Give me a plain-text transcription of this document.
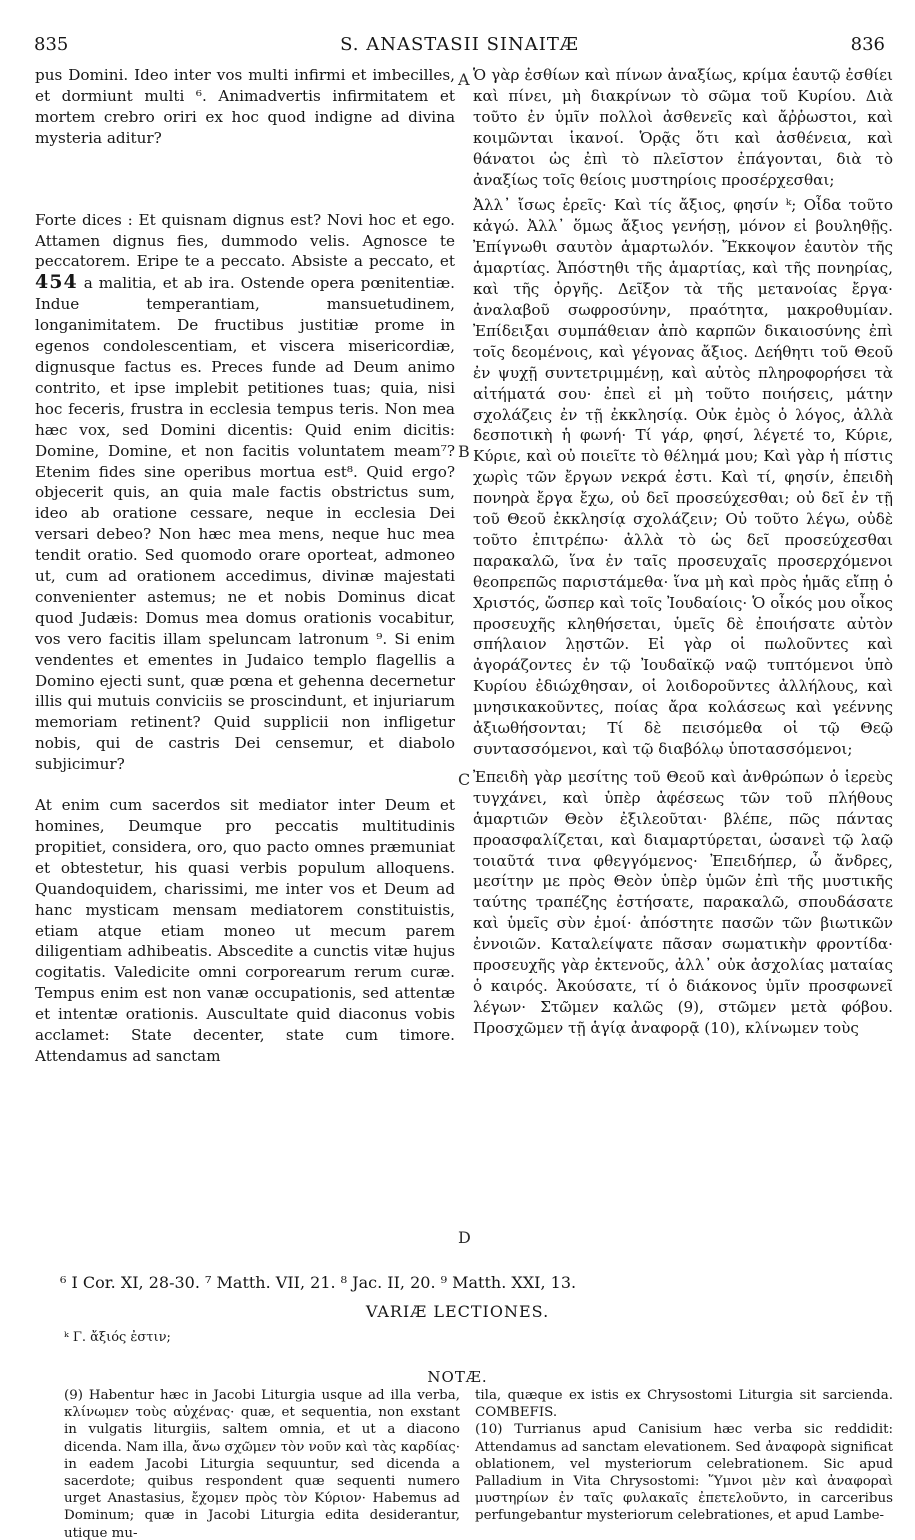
835	S. ANASTASII SINAITÆ	836

pus Domini. Ideo inter vos multi infirmi et imbecilles, et dormiunt multi ⁶. Animadvertis infirmitatem et mortem crebro oriri ex hoc quod indigne ad divina mysteria aditur?

Forte dices : Et quisnam dignus est? Novi hoc et ego. Attamen dignus fies, dummodo velis. Agnosce te peccatorem. Eripe te a peccato. Absiste a peccato, et 454 a malitia, et ab ira. Ostende opera pœnitentiæ. Indue temperantiam, mansuetudinem, longanimitatem. De fructibus justitiæ prome in egenos condolescentiam, et viscera misericordiæ, dignusque factus es. Preces funde ad Deum animo contrito, et ipse implebit petitiones tuas; quia, nisi hoc feceris, frustra in ecclesia tempus teris. Non mea hæc vox, sed Domini dicentis: Quid enim dicitis: Domine, Domine, et non facitis voluntatem meam⁷? Etenim fides sine operibus mortua est⁸. Quid ergo? objecerit quis, an quia male factis obstrictus sum, ideo ab oratione cessare, neque in ecclesia Dei versari debeo? Non hæc mea mens, neque huc mea tendit oratio. Sed quomodo orare oporteat, admoneo ut, cum ad orationem accedimus, divinæ majestati convenienter astemus; ne et nobis Dominus dicat quod Judæis: Domus mea domus orationis vocabitur, vos vero facitis illam speluncam latronum ⁹. Si enim vendentes et ementes in Judaico templo flagellis a Domino ejecti sunt, quæ pœna et gehenna decernetur illis qui mutuis conviciis se proscindunt, et injuriarum memoriam retinent? Quid supplicii non infligetur nobis, qui de castris Dei censemur, et diabolo subjicimur?

At enim cum sacerdos sit mediator inter Deum et homines, Deumque pro peccatis multitudinis propitiet, considera, oro, quo pacto omnes præmuniat et obtestetur, his quasi verbis populum alloquens. Quandoquidem, charissimi, me inter vos et Deum ad hanc mysticam mensam mediatorem constituistis, etiam atque etiam moneo ut mecum parem diligentiam adhibeatis. Abscedite a cunctis vitæ hujus cogitatis. Valedicite omni corporearum rerum curæ. Tempus enim est non vanæ occupationis, sed attentæ et intentæ orationis. Auscultate quid diaconus vobis acclamet: State decenter, state cum timore. Attendamus ad sanctam

Ὁ γὰρ ἐσθίων καὶ πίνων ἀναξίως, κρίμα ἑαυτῷ ἐσθίει καὶ πίνει, μὴ διακρίνων τὸ σῶμα τοῦ Κυρίου. Διὰ τοῦτο ἐν ὑμῖν πολλοὶ ἀσθενεῖς καὶ ἄῤῥωστοι, καὶ κοιμῶνται ἱκανοί. Ὁρᾷς ὅτι καὶ ἀσθένεια, καὶ θάνατοι ὡς ἐπὶ τὸ πλεῖστον ἐπάγονται, διὰ τὸ ἀναξίως τοῖς θείοις μυστηρίοις προσέρχεσθαι;

Ἀλλ᾽ ἴσως ἐρεῖς· Καὶ τίς ἄξιος, φησίν ᵏ; Οἶδα τοῦτο κἀγώ. Ἀλλ᾽ ὅμως ἄξιος γενήσῃ, μόνον εἰ βουληθῇς. Ἐπίγνωθι σαυτὸν ἁμαρτωλόν. Ἔκκοψον ἑαυτὸν τῆς ἁμαρτίας. Ἀπόστηθι τῆς ἁμαρτίας, καὶ τῆς πονηρίας, καὶ τῆς ὀργῆς. Δεῖξον τὰ τῆς μετανοίας ἔργα· ἀναλαβοῦ σωφροσύνην, πραότητα, μακροθυμίαν. Ἐπίδειξαι συμπάθειαν ἀπὸ καρπῶν δικαιοσύνης ἐπὶ τοῖς δεομένοις, καὶ γέγονας ἄξιος. Δεήθητι τοῦ Θεοῦ ἐν ψυχῇ συντετριμμένῃ, καὶ αὐτὸς πληροφορήσει τὰ αἰτήματά σου· ἐπεὶ εἰ μὴ τοῦτο ποιήσεις, μάτην σχολάζεις ἐν τῇ ἐκκλησίᾳ. Οὐκ ἐμὸς ὁ λόγος, ἀλλὰ δεσποτικὴ ἡ φωνή· Τί γάρ, φησί, λέγετέ το, Κύριε, Κύριε, καὶ οὐ ποιεῖτε τὸ θέλημά μου; Καὶ γὰρ ἡ πίστις χωρὶς τῶν ἔργων νεκρά ἐστι. Καὶ τί, φησίν, ἐπειδὴ πονηρὰ ἔργα ἔχω, οὐ δεῖ προσεύχεσθαι; οὐ δεῖ ἐν τῇ τοῦ Θεοῦ ἐκκλησίᾳ σχολάζειν; Οὐ τοῦτο λέγω, οὐδὲ τοῦτο ἐπιτρέπω· ἀλλὰ τὸ ὡς δεῖ προσεύχεσθαι παρακαλῶ, ἵνα ἐν ταῖς προσευχαῖς προσερχόμενοι θεοπρεπῶς παριστάμεθα· ἵνα μὴ καὶ πρὸς ἡμᾶς εἴπῃ ὁ Χριστός, ὥσπερ καὶ τοῖς Ἰουδαίοις· Ὁ οἶκός μου οἶκος προσευχῆς κληθήσεται, ὑμεῖς δὲ ἐποιήσατε αὐτὸν σπήλαιον λῃστῶν. Εἰ γὰρ οἱ πωλοῦντες καὶ ἀγοράζοντες ἐν τῷ Ἰουδαϊκῷ ναῷ τυπτόμενοι ὑπὸ Κυρίου ἐδιώχθησαν, οἱ λοιδοροῦντες ἀλλήλους, καὶ μνησικακοῦντες, ποίας ἄρα κολάσεως καὶ γεέννης ἀξιωθήσονται; Τί δὲ πεισόμεθα οἱ τῷ Θεῷ συντασσόμενοι, καὶ τῷ διαβόλῳ ὑποτασσόμενοι;

Ἐπειδὴ γὰρ μεσίτης τοῦ Θεοῦ καὶ ἀνθρώπων ὁ ἱερεὺς τυγχάνει, καὶ ὑπὲρ ἀφέσεως τῶν τοῦ πλήθους ἁμαρτιῶν Θεὸν ἐξιλεοῦται· βλέπε, πῶς πάντας προασφαλίζεται, καὶ διαμαρτύρεται, ὡσανεὶ τῷ λαῷ τοιαῦτά τινα φθεγγόμενος· Ἐπειδήπερ, ὦ ἄνδρες, μεσίτην με πρὸς Θεὸν ὑπὲρ ὑμῶν ἐπὶ τῆς μυστικῆς ταύτης τραπέζης ἐστήσατε, παρακαλῶ, σπουδάσατε καὶ ὑμεῖς σὺν ἐμοί· ἀπόστητε πασῶν τῶν βιωτικῶν ἐννοιῶν. Καταλείψατε πᾶσαν σωματικὴν φροντίδα· προσευχῆς γὰρ ἐκτενοῦς, ἀλλ᾽ οὐκ ἀσχολίας ματαίας ὁ καιρός. Ἀκούσατε, τί ὁ διάκονος ὑμῖν προσφωνεῖ λέγων· Στῶμεν καλῶς (9), στῶμεν μετὰ φόβου. Προσχῶμεν τῇ ἁγίᾳ ἀναφορᾷ (10), κλίνωμεν τοὺς

A
B
C
D
⁶ I Cor. XI, 28-30. ⁷ Matth. VII, 21. ⁸ Jac. II, 20. ⁹ Matth. XXI, 13.
VARIÆ LECTIONES.
ᵏ Γ. ἄξιός ἐστιν;
NOTÆ.
(9) Habentur hæc in Jacobi Liturgia usque ad illa verba, κλίνωμεν τοὺς αὐχένας· quæ, et sequentia, non exstant in vulgatis liturgiis, saltem omnia, et ut a diacono dicenda. Nam illa, ἄνω σχῶμεν τὸν νοῦν καὶ τὰς καρδίας· in eadem Jacobi Liturgia sequuntur, sed dicenda a sacerdote; quibus respondent quæ sequenti numero urget Anastasius, ἔχομεν πρὸς τὸν Κύριον· Habemus ad Dominum; quæ in Jacobi Liturgia edita desiderantur, utique mu-
tila, quæque ex istis ex Chrysostomi Liturgia sit sarcienda. COMBEFIS.
(10) Turrianus apud Canisium hæc verba sic reddidit: Attendamus ad sanctam elevationem. Sed ἀναφορὰ significat oblationem, vel mysteriorum celebrationem. Sic apud Palladium in Vita Chrysostomi: Ὕμνοι μὲν καὶ ἀναφοραὶ μυστηρίων ἐν ταῖς φυλακαῖς ἐπετελοῦντο, in carceribus perfungebantur mysteriorum celebrationes, et apud Lambe-
